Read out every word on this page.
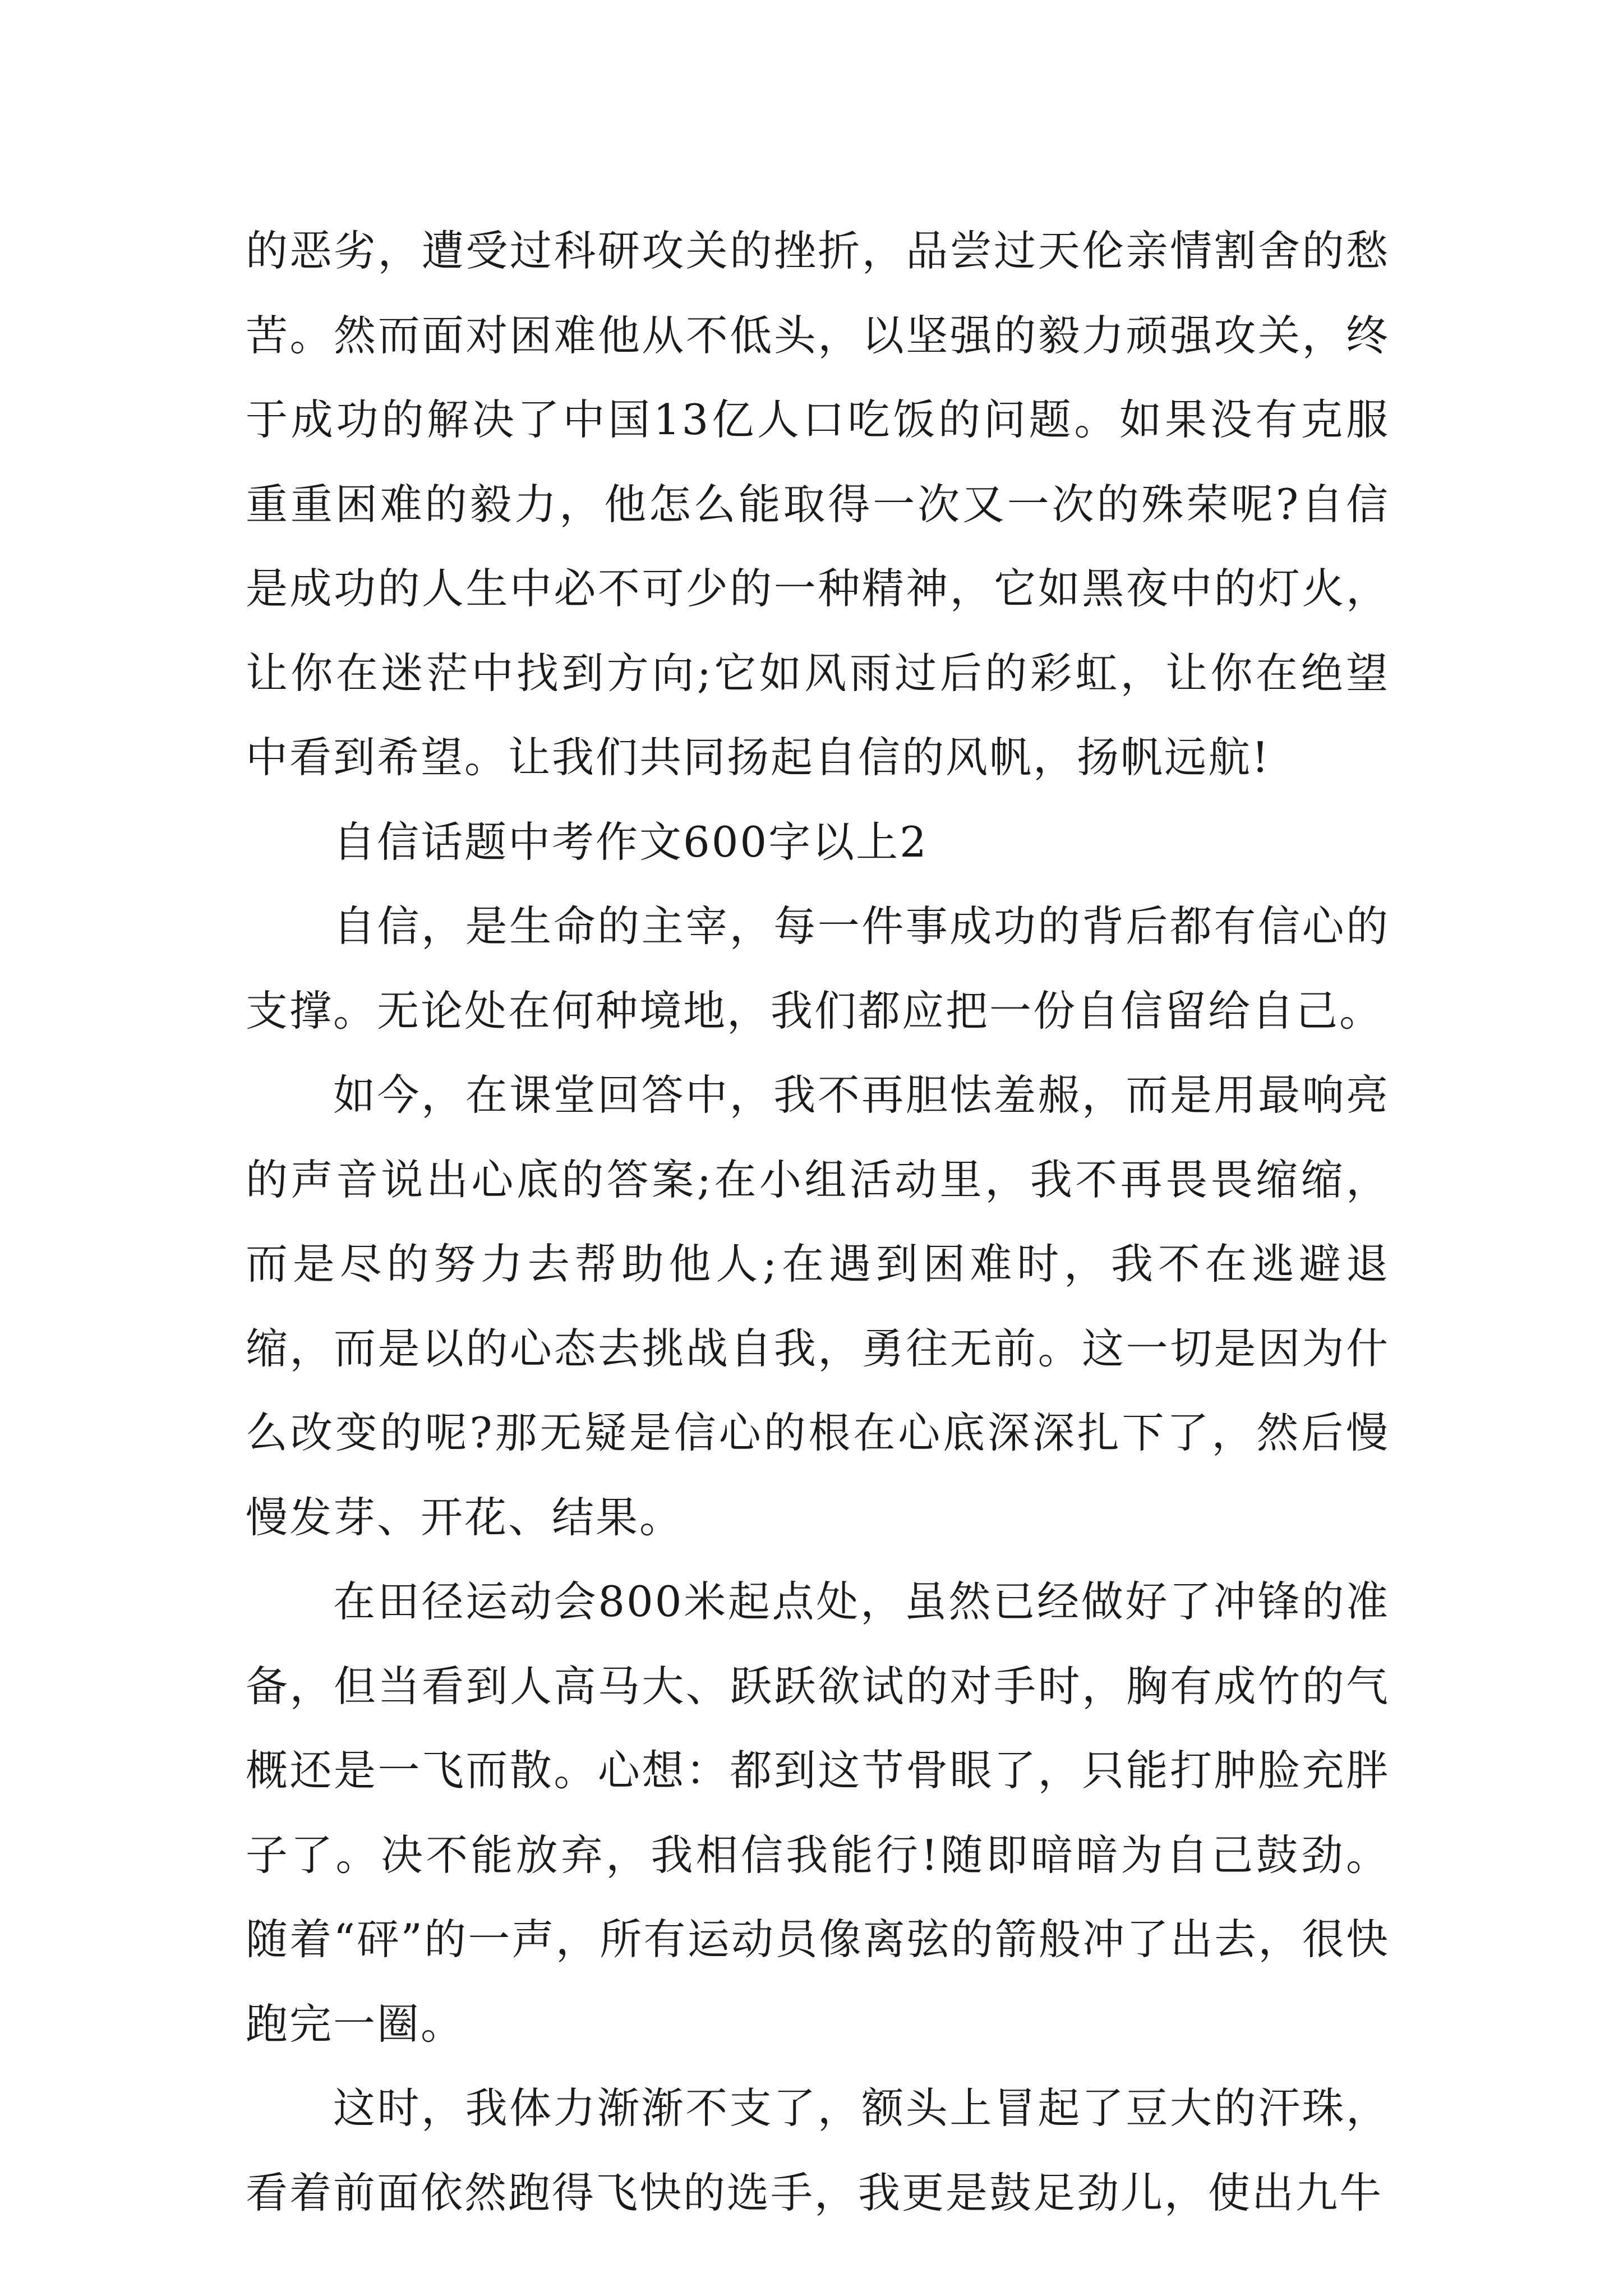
的恶劣，遭受过科研攻关的挫折，品尝过天伦亲情割舍的愁苦。然而面对困难他从不低头，以坚强的毅力顽强攻关，终于成功的解决了中国13亿人口吃饭的问题。如果没有克服重重困难的毅力，他怎么能取得一次又一次的殊荣呢?自信是成功的人生中必不可少的一种精神，它如黑夜中的灯火，让你在迷茫中找到方向;它如风雨过后的彩虹，让你在绝望中看到希望。让我们共同扬起自信的风帆，扬帆远航!

自信话题中考作文600字以上2

自信，是生命的主宰，每一件事成功的背后都有信心的支撑。无论处在何种境地，我们都应把一份自信留给自己。

如今，在课堂回答中，我不再胆怯羞赧，而是用最响亮的声音说出心底的答案;在小组活动里，我不再畏畏缩缩，而是尽的努力去帮助他人;在遇到困难时，我不在逃避退缩，而是以的心态去挑战自我，勇往无前。这一切是因为什么改变的呢?那无疑是信心的根在心底深深扎下了，然后慢慢发芽、开花、结果。

在田径运动会800米起点处，虽然已经做好了冲锋的准备，但当看到人高马大、跃跃欲试的对手时，胸有成竹的气概还是一飞而散。心想：都到这节骨眼了，只能打肿脸充胖子了。决不能放弃，我相信我能行!随即暗暗为自己鼓劲。随着“砰”的一声，所有运动员像离弦的箭般冲了出去，很快跑完一圈。

这时，我体力渐渐不支了，额头上冒起了豆大的汗珠，看着前面依然跑得飞快的选手，我更是鼓足劲儿，使出九牛
